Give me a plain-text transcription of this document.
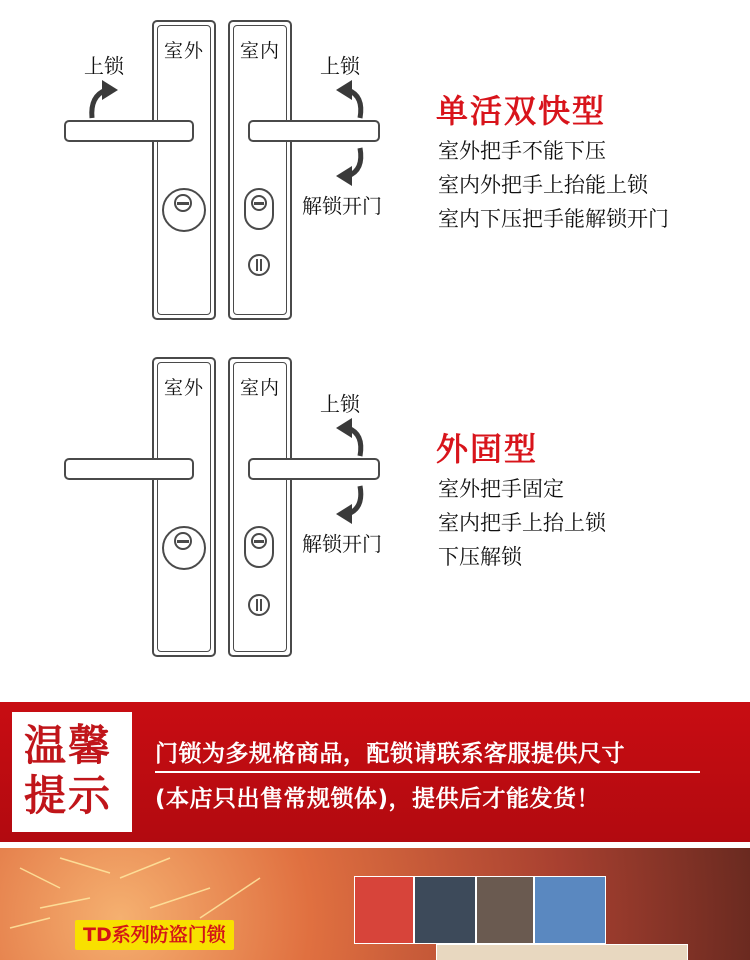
室外	室内
上锁	上锁
解锁开门
单活双快型
室外把手不能下压
室内外把手上抬能上锁
室内下压把手能解锁开门
室外	室内
上锁
解锁开门
外固型
室外把手固定
室内把手上抬上锁
下压解锁
温馨
提示
门锁为多规格商品，配锁请联系客服提供尺寸
(本店只出售常规锁体)，提供后才能发货！
TD系列防盗门锁
